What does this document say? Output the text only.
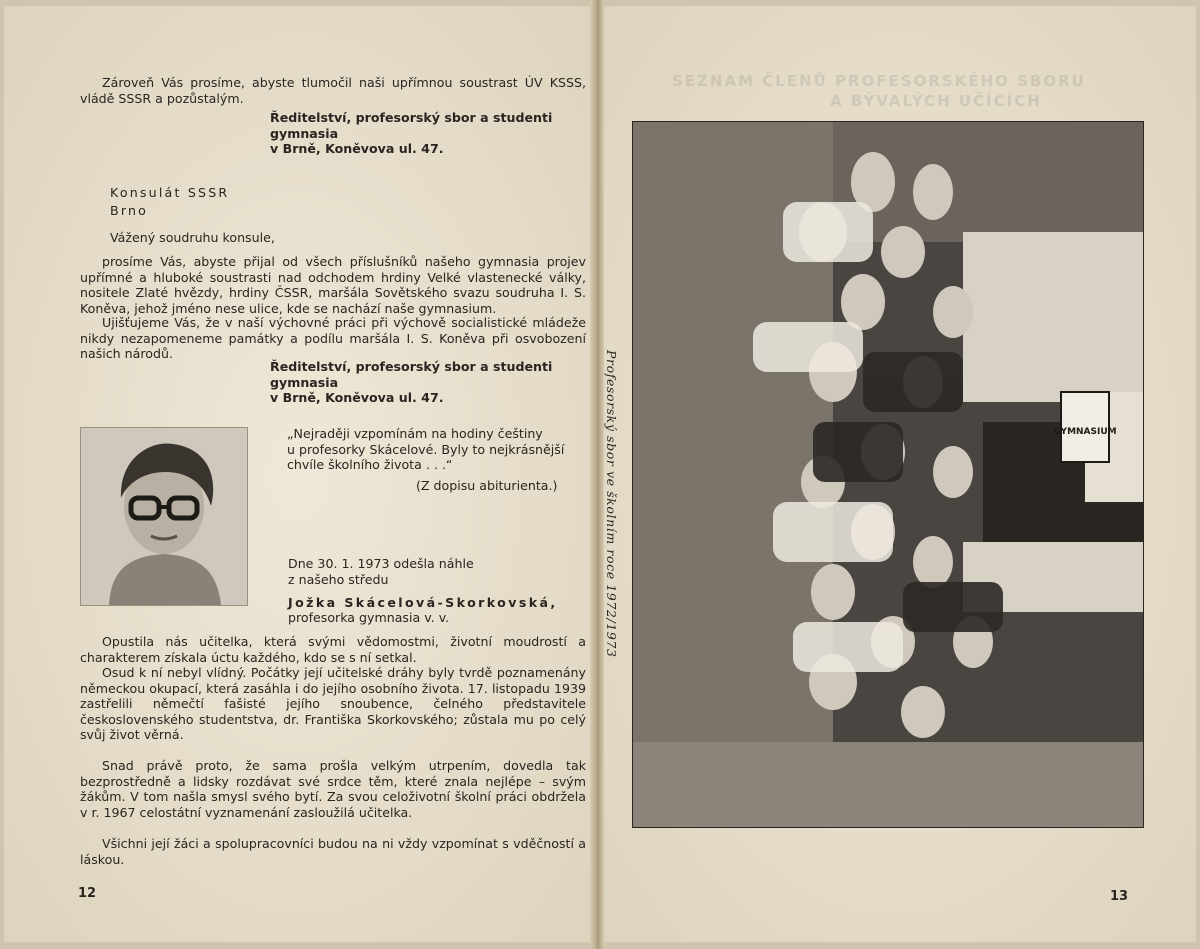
SEZNAM ČLENŮ PROFESORSKÉHO SBORU
A BÝVALÝCH UČÍCÍCH

Zároveň Vás prosíme, abyste tlumočil naši upřímnou soustrast ÚV KSSS, vládě SSSR a pozůstalým.

Ředitelství, profesorský sbor a studenti gymnasia
v Brně, Koněvova ul. 47.
Konsulát SSSR
Brno

Vážený soudruhu konsule,

prosíme Vás, abyste přijal od všech příslušníků našeho gymnasia projev upřímné a hluboké soustrasti nad odchodem hrdiny Velké vlastenecké války, nositele Zlaté hvězdy, hrdiny ČSSR, maršála Sovětského svazu soudruha I. S. Koněva, jehož jméno nese ulice, kde se nachází naše gymnasium.

Ujišťujeme Vás, že v naší výchovné práci při výchově socialistické mládeže nikdy nezapomeneme památky a podílu maršála I. S. Koněva při osvobození našich národů.

Ředitelství, profesorský sbor a studenti gymnasia
v Brně, Koněvova ul. 47.
„Nejraději vzpomínám na hodiny češtiny
u profesorky Skácelové. Byly to nejkrásnější
chvíle školního života . . .“

(Z dopisu abiturienta.)

Dne 30. 1. 1973 odešla náhle
z našeho středu

Jožka Skácelová-Skorkovská,

profesorka gymnasia v. v.

Opustila nás učitelka, která svými vědomostmi, životní moudrostí a charakterem získala úctu každého, kdo se s ní setkal.

Osud k ní nebyl vlídný. Počátky její učitelské dráhy byly tvrdě poznamenány německou okupací, která zasáhla i do jejího osobního života. 17. listopadu 1939 zastřelili němečtí fašisté jejího snoubence, čelného představitele československého studentstva, dr. Františka Skorkovského; zůstala mu po celý svůj život věrná.

Snad právě proto, že sama prošla velkým utrpením, dovedla tak bezprostředně a lidsky rozdávat své srdce těm, které znala nejlépe – svým žákům. V tom našla smysl svého bytí. Za svou celoživotní školní práci obdržela v r. 1967 celostátní vyznamenání zasloužilá učitelka.

Všichni její žáci a spolupracovníci budou na ni vždy vzpomínat s vděčností a láskou.

12
Profesorský sbor ve školním roce 1972/1973	GYMNASIUM
13
